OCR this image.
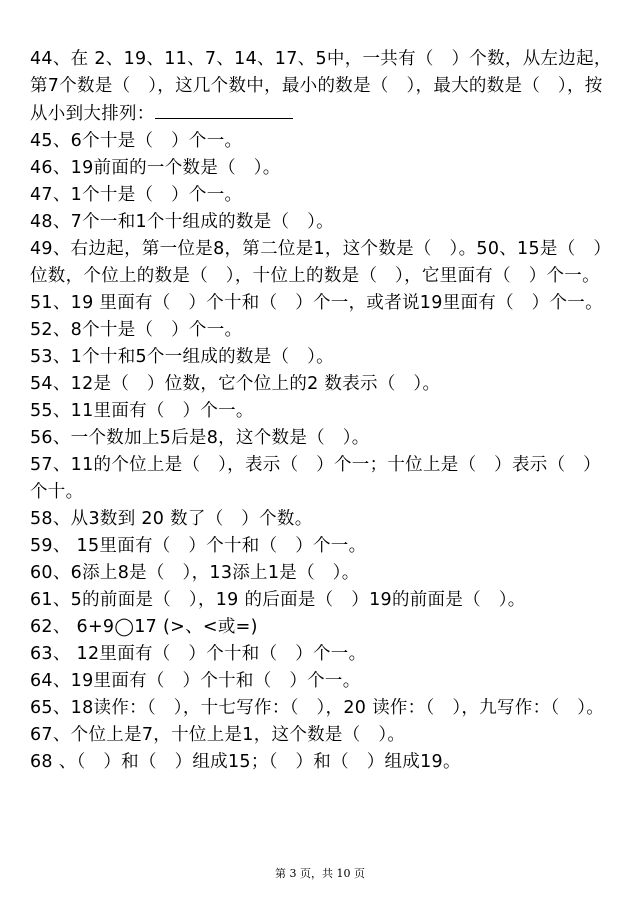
44、在 2、19、11、7、14、17、5中，一共有（　）个数，从左边起，第7个数是（　），这几个数中，最小的数是（　），最大的数是（　），按从小到大排列：

45、6个十是（　）个一。

46、19前面的一个数是（　）。

47、1个十是（　）个一。

48、7个一和1个十组成的数是（　）。

49、右边起，第一位是8，第二位是1，这个数是（　）。50、15是（　）位数，个位上的数是（　），十位上的数是（　），它里面有（　）个一。

51、19 里面有（　）个十和（　）个一，或者说19里面有（　）个一。

52、8个十是（　）个一。

53、1个十和5个一组成的数是（　）。

54、12是（　）位数，它个位上的2 数表示（　）。

55、11里面有（　）个一。

56、一个数加上5后是8，这个数是（　）。

57、11的个位上是（　），表示（　）个一；十位上是（　）表示（　）个十。

58、从3数到 20 数了（　）个数。

59、 15里面有（　）个十和（　）个一。

60、6添上8是（　），13添上1是（　）。

61、5的前面是（　），19 的后面是（　）19的前面是（　）。

62、 6+9◯17 (>、<或=)

63、 12里面有（　）个十和（　）个一。

64、19里面有（　）个十和（　）个一。

65、18读作：（　），十七写作：（　），20 读作：（　），九写作：（　）。

67、个位上是7，十位上是1，这个数是（　）。

68 、（　）和（　）组成15；（　）和（　）组成19。

第 3 页，共 10 页
